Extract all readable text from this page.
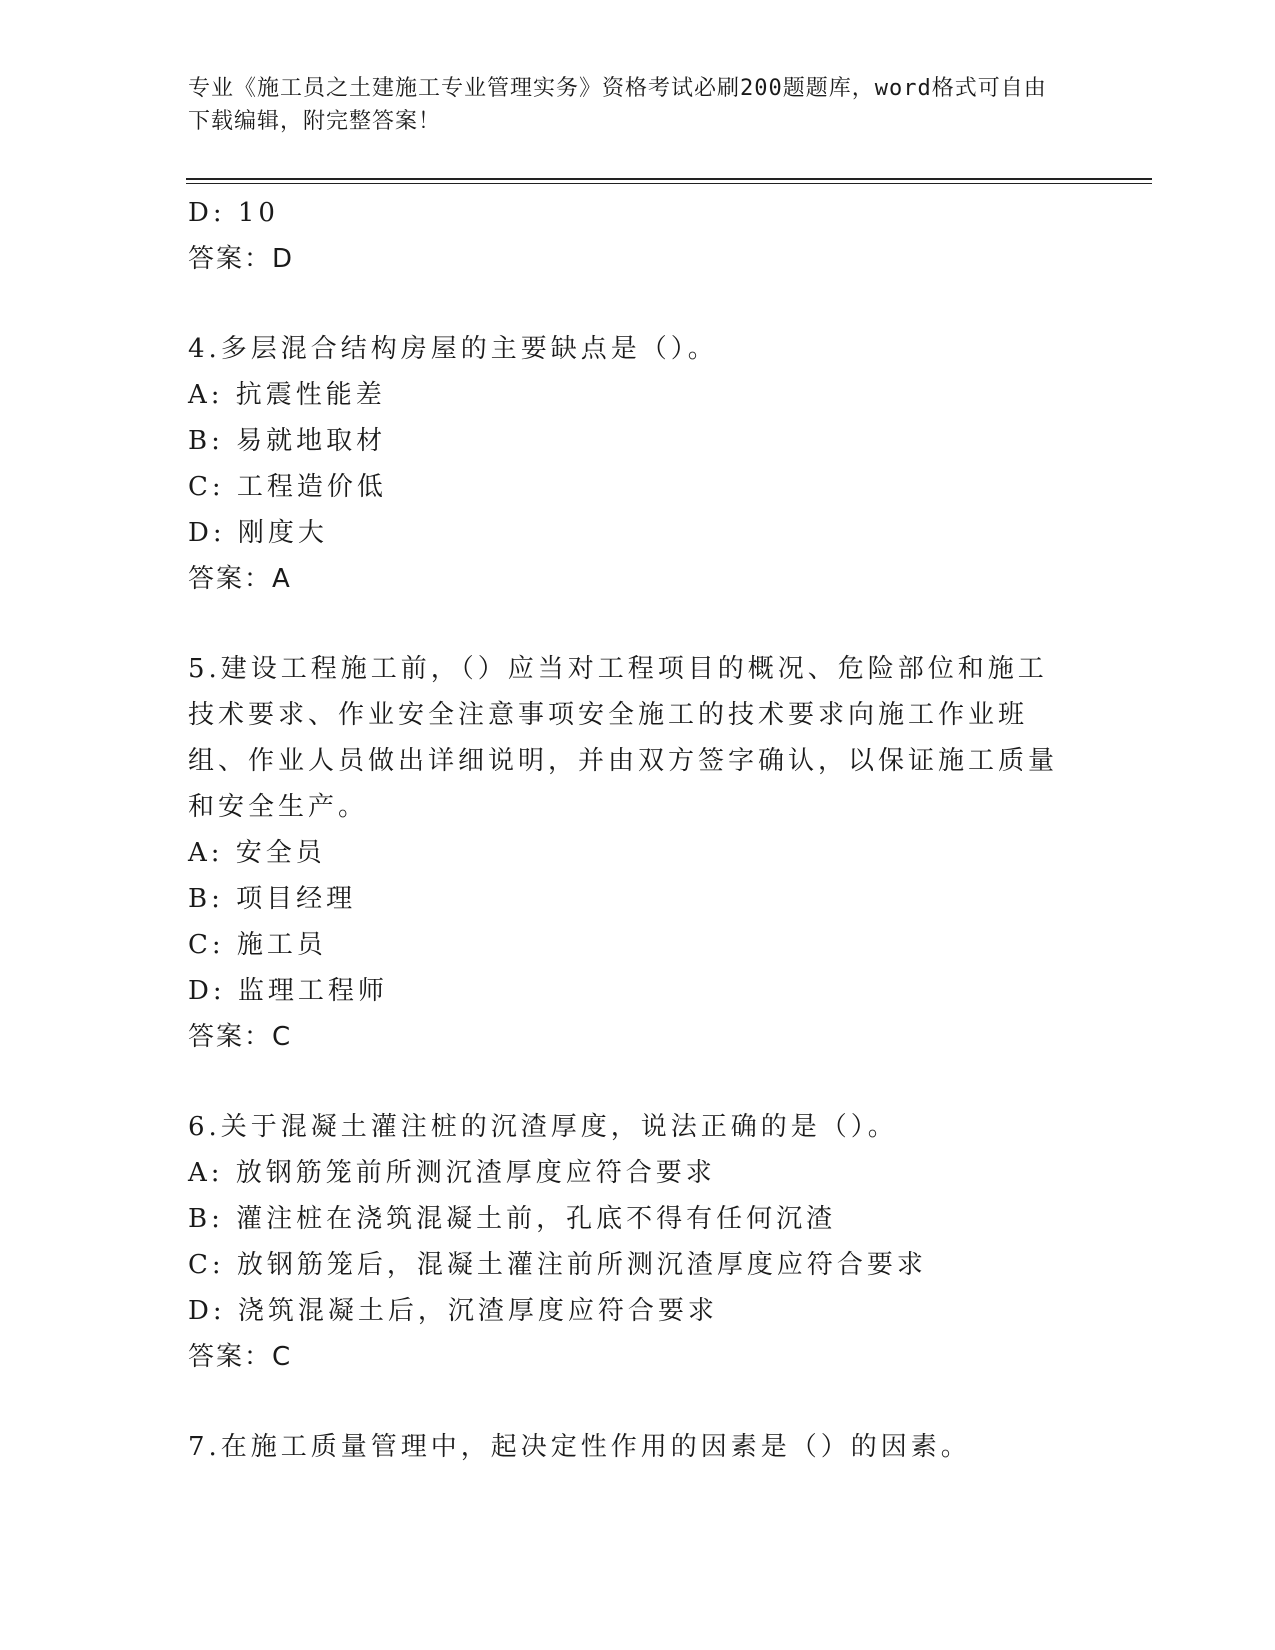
专业《施工员之土建施工专业管理实务》资格考试必刷200题题库，word格式可自由下载编辑，附完整答案！
D: 10
答案：D
4.多层混合结构房屋的主要缺点是（）。
A: 抗震性能差
B: 易就地取材
C: 工程造价低
D: 刚度大
答案：A
5.建设工程施工前，（）应当对工程项目的概况、危险部位和施工技术要求、作业安全注意事项安全施工的技术要求向施工作业班组、作业人员做出详细说明，并由双方签字确认，以保证施工质量和安全生产。
A: 安全员
B: 项目经理
C: 施工员
D: 监理工程师
答案：C
6.关于混凝土灌注桩的沉渣厚度，说法正确的是（）。
A: 放钢筋笼前所测沉渣厚度应符合要求
B: 灌注桩在浇筑混凝土前，孔底不得有任何沉渣
C: 放钢筋笼后，混凝土灌注前所测沉渣厚度应符合要求
D: 浇筑混凝土后，沉渣厚度应符合要求
答案：C
7.在施工质量管理中，起决定性作用的因素是（）的因素。
